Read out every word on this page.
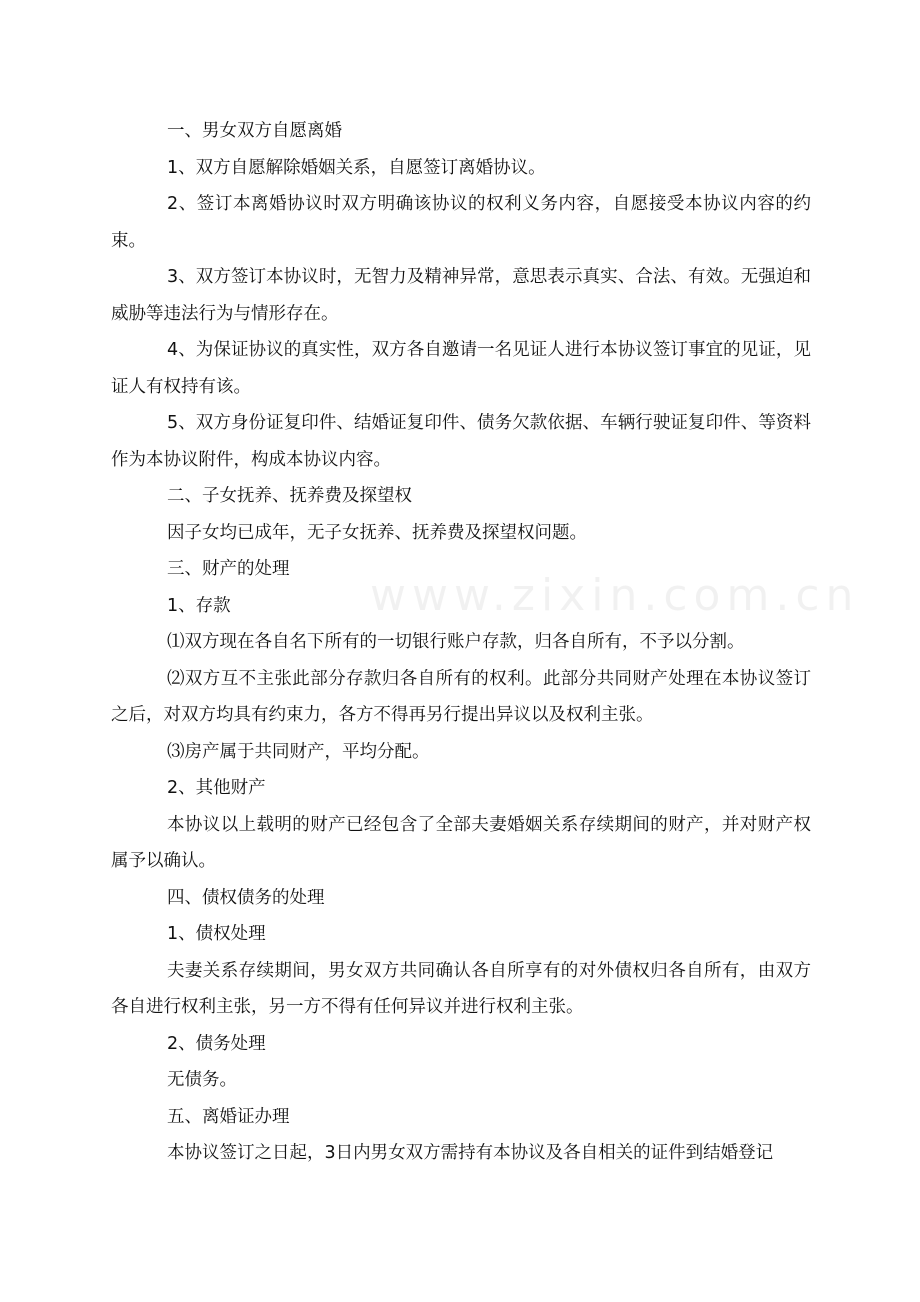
www.zixin.com.cn

一、男女双方自愿离婚

1、双方自愿解除婚姻关系，自愿签订离婚协议。

2、签订本离婚协议时双方明确该协议的权利义务内容，自愿接受本协议内容的约束。

3、双方签订本协议时，无智力及精神异常，意思表示真实、合法、有效。无强迫和威胁等违法行为与情形存在。

4、为保证协议的真实性，双方各自邀请一名见证人进行本协议签订事宜的见证，见证人有权持有该。

5、双方身份证复印件、结婚证复印件、债务欠款依据、车辆行驶证复印件、等资料作为本协议附件，构成本协议内容。

二、子女抚养、抚养费及探望权

因子女均已成年，无子女抚养、抚养费及探望权问题。

三、财产的处理

1、存款

⑴双方现在各自名下所有的一切银行账户存款，归各自所有，不予以分割。

⑵双方互不主张此部分存款归各自所有的权利。此部分共同财产处理在本协议签订之后，对双方均具有约束力，各方不得再另行提出异议以及权利主张。

⑶房产属于共同财产，平均分配。

2、其他财产

本协议以上载明的财产已经包含了全部夫妻婚姻关系存续期间的财产，并对财产权属予以确认。

四、债权债务的处理

1、债权处理

夫妻关系存续期间，男女双方共同确认各自所享有的对外债权归各自所有，由双方各自进行权利主张，另一方不得有任何异议并进行权利主张。

2、债务处理

无债务。

五、离婚证办理

本协议签订之日起，3日内男女双方需持有本协议及各自相关的证件到结婚登记
